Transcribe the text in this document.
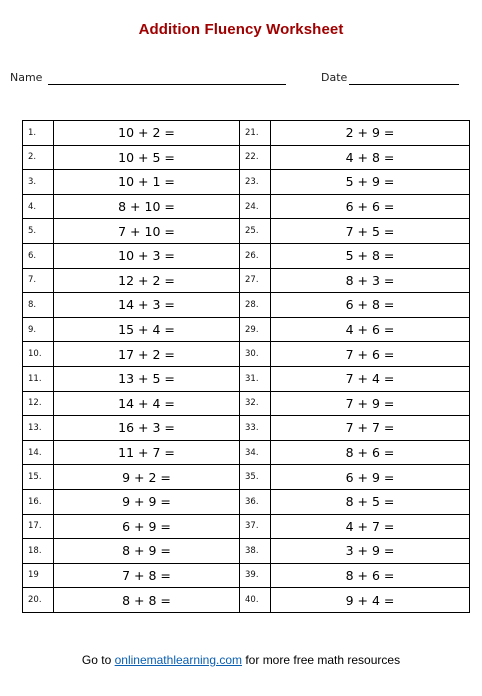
Addition Fluency Worksheet
Name	Date
1.	10 + 2 =	21.	2 + 9 =
2.	10 + 5 =	22.	4 + 8 =
3.	10 + 1 =	23.	5 + 9 =
4.	8 + 10 =	24.	6 + 6 =
5.	7 + 10 =	25.	7 + 5 =
6.	10 + 3 =	26.	5 + 8 =
7.	12 + 2 =	27.	8 + 3 =
8.	14 + 3 =	28.	6 + 8 =
9.	15 + 4 =	29.	4 + 6 =
10.	17 + 2 =	30.	7 + 6 =
11.	13 + 5 =	31.	7 + 4 =
12.	14 + 4 =	32.	7 + 9 =
13.	16 + 3 =	33.	7 + 7 =
14.	11 + 7 =	34.	8 + 6 =
15.	9 + 2 =	35.	6 + 9 =
16.	9 + 9 =	36.	8 + 5 =
17.	6 + 9 =	37.	4 + 7 =
18.	8 + 9 =	38.	3 + 9 =
19	7 + 8 =	39.	8 + 6 =
20.	8 + 8 =	40.	9 + 4 =
Go to onlinemathlearning.com for more free math resources
